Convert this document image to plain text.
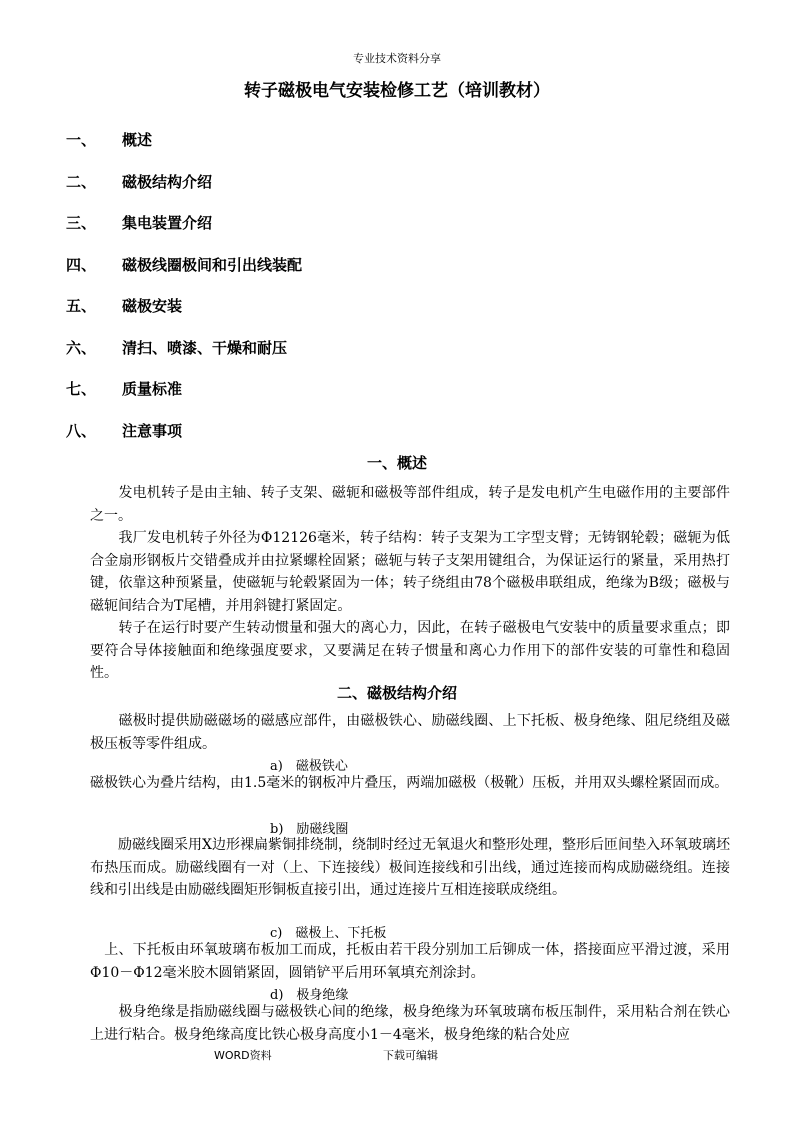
专业技术资料分享
转子磁极电气安装检修工艺（培训教材）
一、	概述
二、	磁极结构介绍
三、	集电装置介绍
四、	磁极线圈极间和引出线装配
五、	磁极安装
六、	清扫、喷漆、干燥和耐压
七、	质量标准
八、	注意事项
一、概述

　　发电机转子是由主轴、转子支架、磁轭和磁极等部件组成，转子是发电机产生电磁作用的主要部件之一。

　　我厂发电机转子外径为Φ12126毫米，转子结构：转子支架为工字型支臂；无铸钢轮毂；磁轭为低合金扇形钢板片交错叠成并由拉紧螺栓固紧；磁轭与转子支架用键组合，为保证运行的紧量，采用热打键，依靠这种预紧量，使磁轭与轮毂紧固为一体；转子绕组由78个磁极串联组成，绝缘为B级；磁极与磁轭间结合为T尾槽，并用斜键打紧固定。

　　转子在运行时要产生转动惯量和强大的离心力，因此，在转子磁极电气安装中的质量要求重点；即要符合导体接触面和绝缘强度要求，又要满足在转子惯量和离心力作用下的部件安装的可靠性和稳固性。

二、磁极结构介绍

　　磁极时提供励磁磁场的磁感应部件，由磁极铁心、励磁线圈、上下托板、极身绝缘、阻尼绕组及磁极压板等零件组成。

a)　磁极铁心

磁极铁心为叠片结构，由1.5毫米的钢板冲片叠压，两端加磁极（极靴）压板，并用双头螺栓紧固而成。

b)　励磁线圈

　　励磁线圈采用X边形裸扁紫铜排绕制，绕制时经过无氧退火和整形处理，整形后匝间垫入环氧玻璃坯布热压而成。励磁线圈有一对（上、下连接线）极间连接线和引出线，通过连接而构成励磁绕组。连接线和引出线是由励磁线圈矩形铜板直接引出，通过连接片互相连接联成绕组。

c)　磁极上、下托板

　上、下托板由环氧玻璃布板加工而成，托板由若干段分别加工后铆成一体，搭接面应平滑过渡，采用Φ10－Φ12毫米胶木圆销紧固，圆销铲平后用环氧填充剂涂封。

d)　极身绝缘

　　极身绝缘是指励磁线圈与磁极铁心间的绝缘，极身绝缘为环氧玻璃布板压制件，采用粘合剂在铁心上进行粘合。极身绝缘高度比铁心极身高度小1－4毫米，极身绝缘的粘合处应

WORD资料	下载可编辑
